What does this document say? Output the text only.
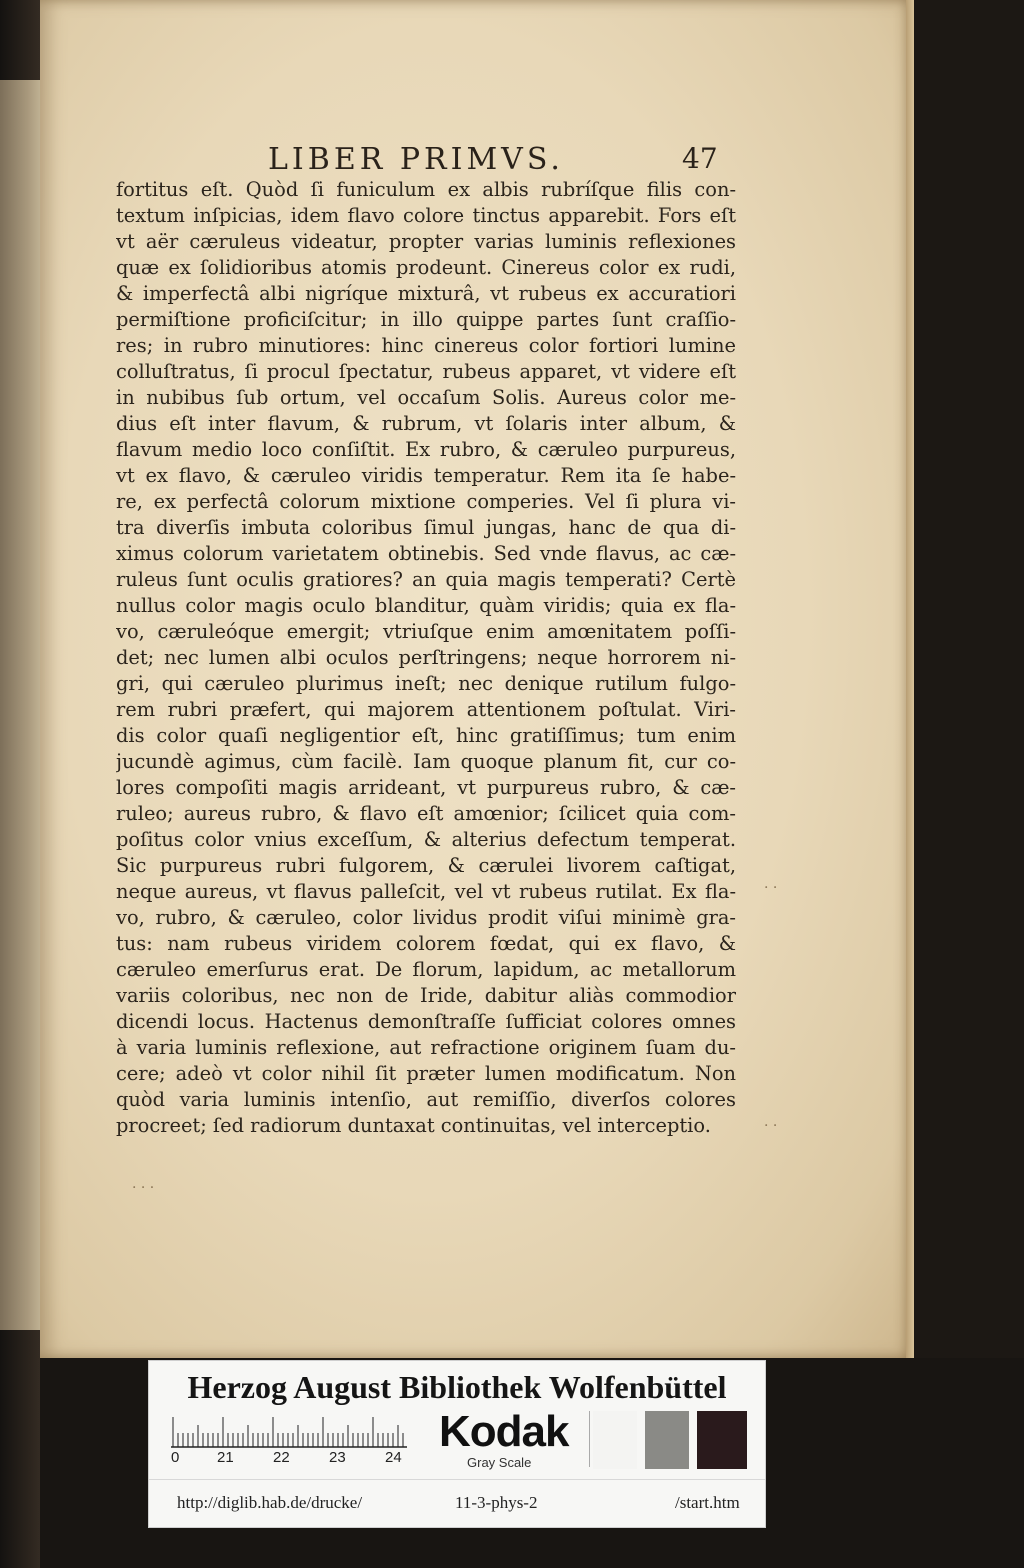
LIBER PRIMVS.	47
fortitus eſt. Quòd ſi funiculum ex albis rubríſque filis con-
textum inſpicias, idem flavo colore tinctus apparebit. Fors eſt
vt aër cæruleus videatur, propter varias luminis reflexiones
quæ ex ſolidioribus atomis prodeunt. Cinereus color ex rudi,
& imperfectâ albi nigríque mixturâ, vt rubeus ex accuratiori
permiſtione proficiſcitur; in illo quippe partes ſunt craſſio-
res; in rubro minutiores: hinc cinereus color fortiori lumine
colluſtratus, ſi procul ſpectatur, rubeus apparet, vt videre eſt
in nubibus ſub ortum, vel occaſum Solis. Aureus color me-
dius eſt inter flavum, & rubrum, vt ſolaris inter album, &
flavum medio loco conſiſtit. Ex rubro, & cæruleo purpureus,
vt ex flavo, & cæruleo viridis temperatur. Rem ita ſe habe-
re, ex perfectâ colorum mixtione comperies. Vel ſi plura vi-
tra diverſis imbuta coloribus ſimul jungas, hanc de qua di-
ximus colorum varietatem obtinebis. Sed vnde flavus, ac cæ-
ruleus ſunt oculis gratiores? an quia magis temperati? Certè
nullus color magis oculo blanditur, quàm viridis; quia ex fla-
vo, cæruleóque emergit; vtriuſque enim amœnitatem poſſi-
det; nec lumen albi oculos perſtringens; neque horrorem ni-
gri, qui cæruleo plurimus ineſt; nec denique rutilum fulgo-
rem rubri præfert, qui majorem attentionem poſtulat. Viri-
dis color quaſi negligentior eſt, hinc gratiſſimus; tum enim
jucundè agimus, cùm facilè. Iam quoque planum fit, cur co-
lores compoſiti magis arrideant, vt purpureus rubro, & cæ-
ruleo; aureus rubro, & flavo eſt amœnior; ſcilicet quia com-
poſitus color vnius exceſſum, & alterius defectum temperat.
Sic purpureus rubri fulgorem, & cærulei livorem caſtigat,
neque aureus, vt flavus palleſcit, vel vt rubeus rutilat. Ex fla-
vo, rubro, & cæruleo, color lividus prodit viſui minimè gra-
tus: nam rubeus viridem colorem fœdat, qui ex flavo, &
cæruleo emerſurus erat. De florum, lapidum, ac metallorum
variis coloribus, nec non de Iride, dabitur aliàs commodior
dicendi locus. Hactenus demonſtraſſe ſufficiat colores omnes
à varia luminis reflexione, aut refractione originem ſuam du-
cere; adeò vt color nihil ſit præter lumen modificatum. Non
quòd varia luminis intenſio, aut remiſſio, diverſos colores
procreet; ſed radiorum duntaxat continuitas, vel interceptio.
· ·
· ·
· · ·
Herzog August Bibliothek Wolfenbüttel
0	21	22	23	24
Kodak
Gray Scale
http://diglib.hab.de/drucke/	11-3-phys-2	/start.htm
